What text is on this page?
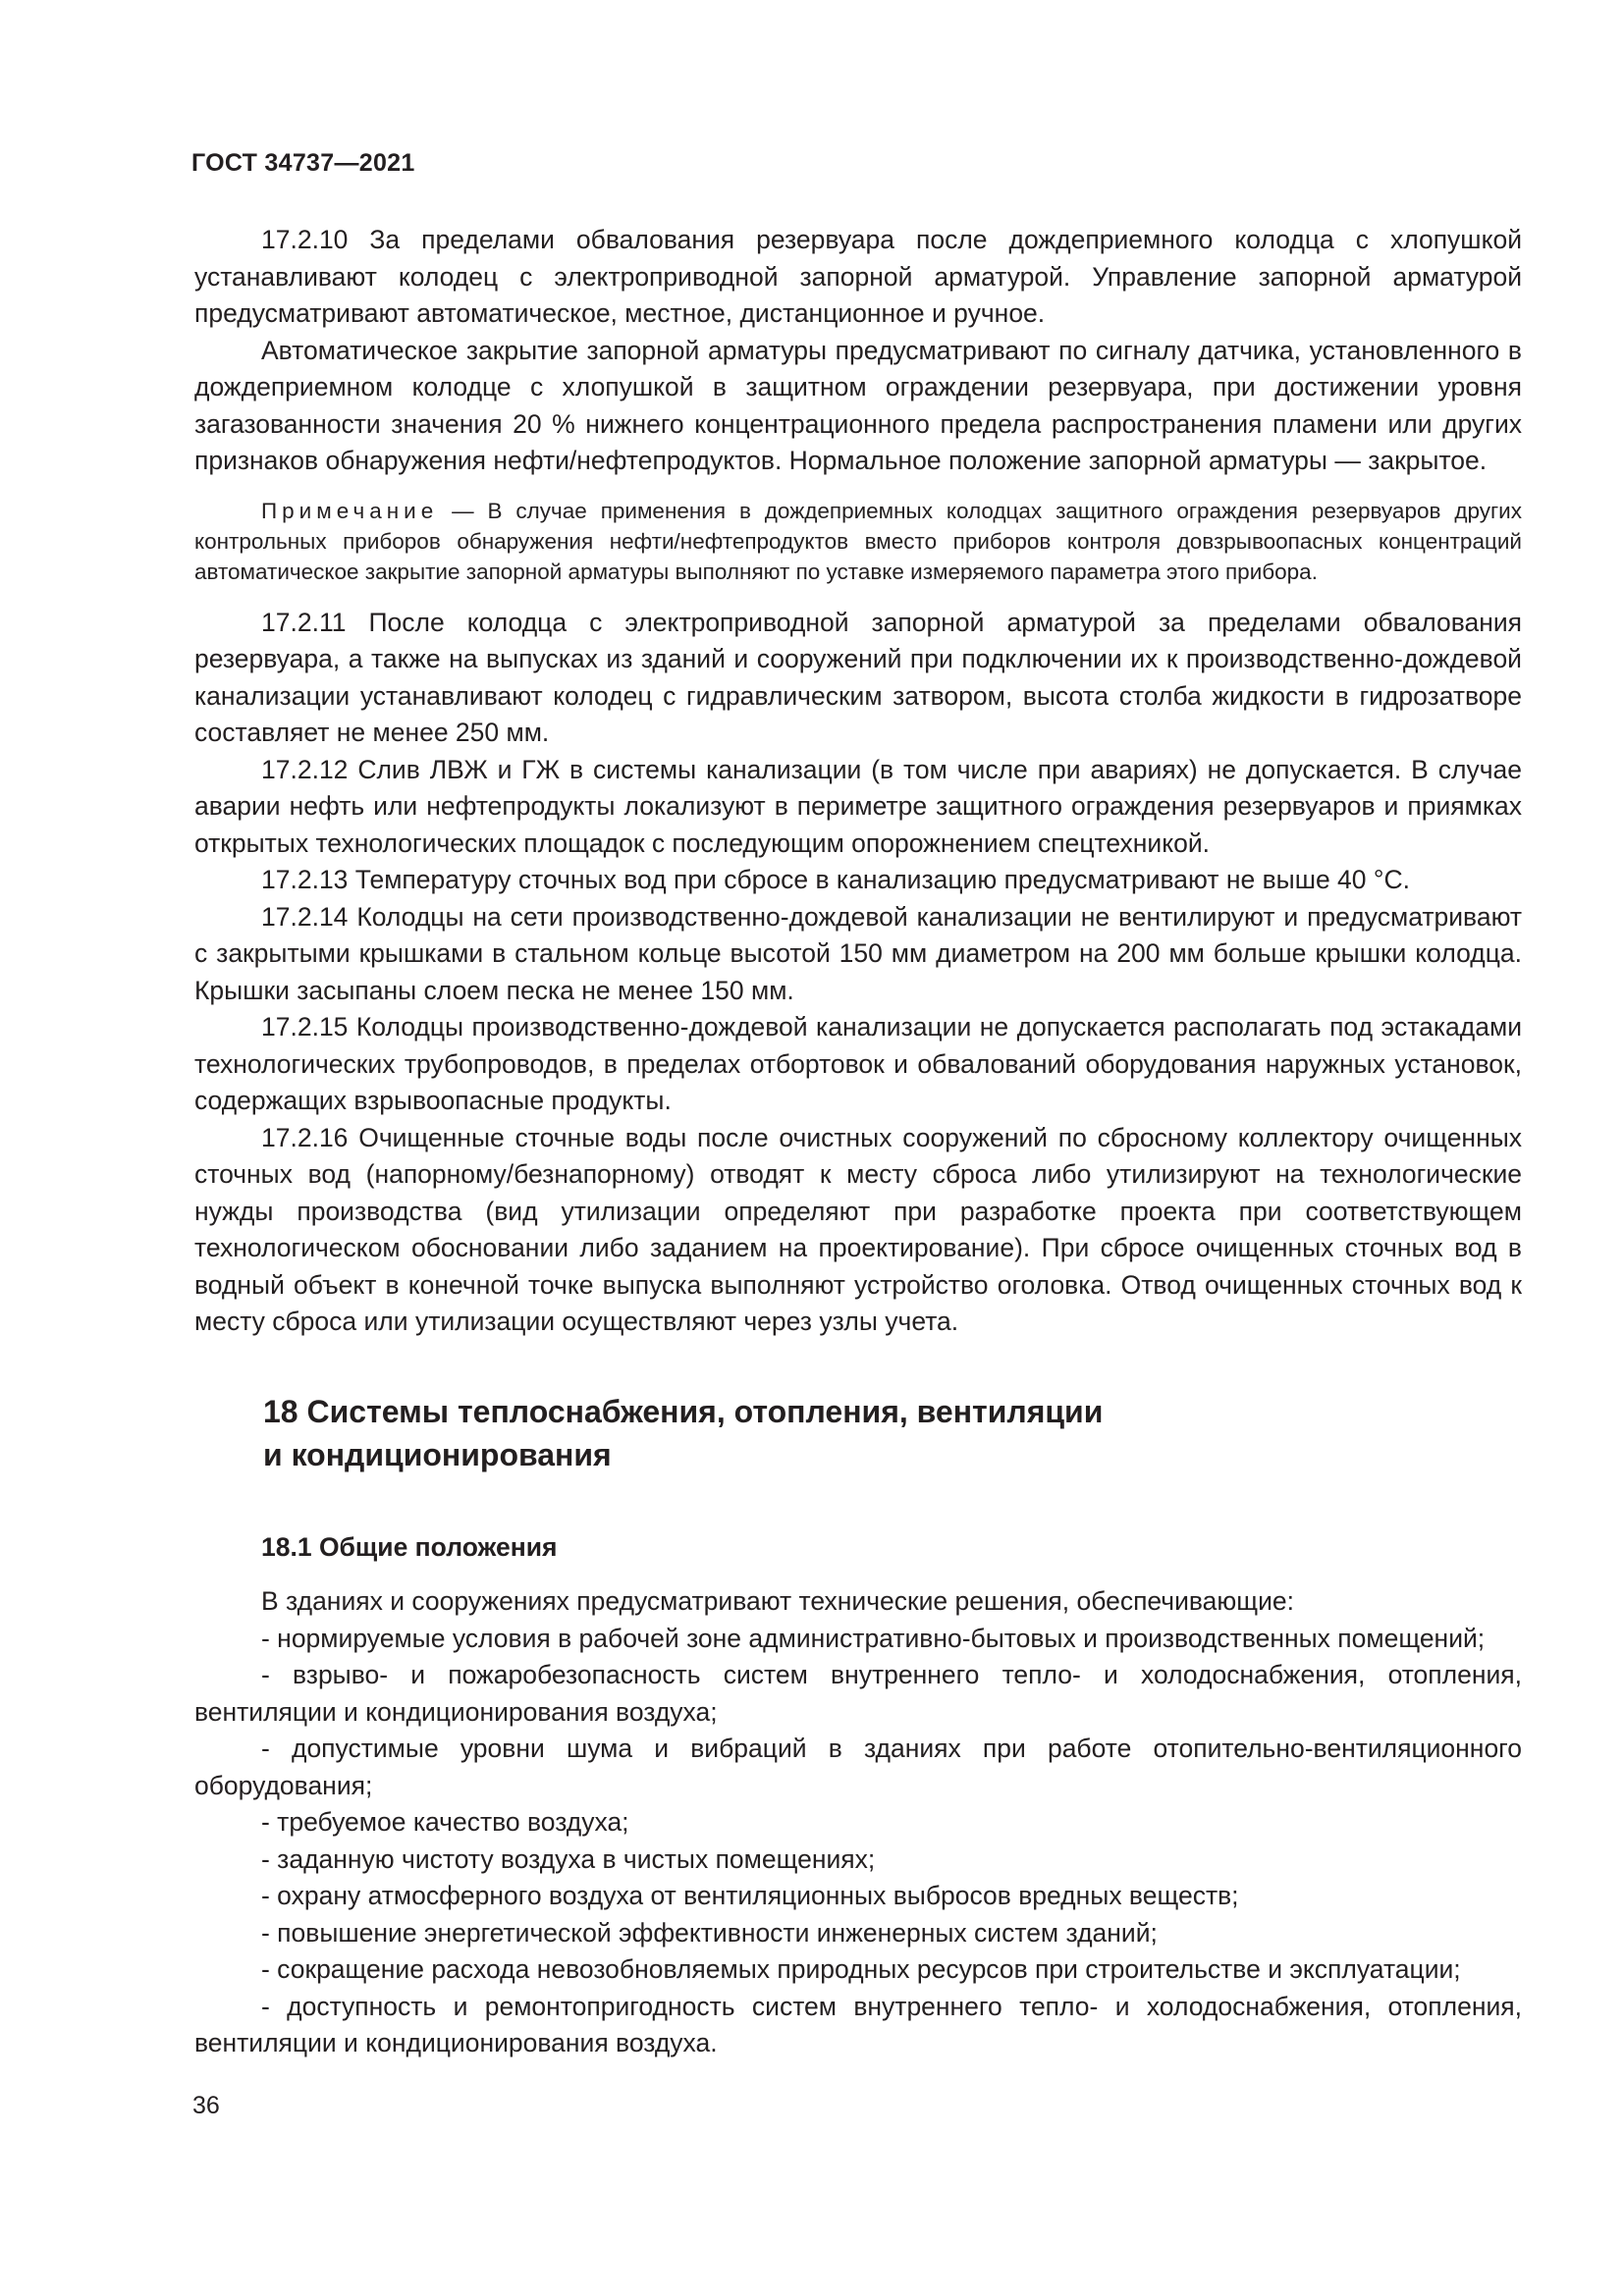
ГОСТ 34737—2021

17.2.10 За пределами обвалования резервуара после дождеприемного колодца с хлопушкой устанавливают колодец с электроприводной запорной арматурой. Управление запорной арматурой предусматривают автоматическое, местное, дистанционное и ручное.

Автоматическое закрытие запорной арматуры предусматривают по сигналу датчика, установленного в дождеприемном колодце с хлопушкой в защитном ограждении резервуара, при достижении уровня загазованности значения 20 % нижнего концентрационного предела распространения пламени или других признаков обнаружения нефти/нефтепродуктов. Нормальное положение запорной арматуры — закрытое.

Примечание — В случае применения в дождеприемных колодцах защитного ограждения резервуаров других контрольных приборов обнаружения нефти/нефтепродуктов вместо приборов контроля довзрывоопасных концентраций автоматическое закрытие запорной арматуры выполняют по уставке измеряемого параметра этого прибора.

17.2.11 После колодца с электроприводной запорной арматурой за пределами обвалования резервуара, а также на выпусках из зданий и сооружений при подключении их к производственно-дождевой канализации устанавливают колодец с гидравлическим затвором, высота столба жидкости в гидрозатворе составляет не менее 250 мм.

17.2.12 Слив ЛВЖ и ГЖ в системы канализации (в том числе при авариях) не допускается. В случае аварии нефть или нефтепродукты локализуют в периметре защитного ограждения резервуаров и приямках открытых технологических площадок с последующим опорожнением спецтехникой.

17.2.13 Температуру сточных вод при сбросе в канализацию предусматривают не выше 40 °С.

17.2.14 Колодцы на сети производственно-дождевой канализации не вентилируют и предусматривают с закрытыми крышками в стальном кольце высотой 150 мм диаметром на 200 мм больше крышки колодца. Крышки засыпаны слоем песка не менее 150 мм.

17.2.15 Колодцы производственно-дождевой канализации не допускается располагать под эстакадами технологических трубопроводов, в пределах отбортовок и обвалований оборудования наружных установок, содержащих взрывоопасные продукты.

17.2.16 Очищенные сточные воды после очистных сооружений по сбросному коллектору очищенных сточных вод (напорному/безнапорному) отводят к месту сброса либо утилизируют на технологические нужды производства (вид утилизации определяют при разработке проекта при соответствующем технологическом обосновании либо заданием на проектирование). При сбросе очищенных сточных вод в водный объект в конечной точке выпуска выполняют устройство оголовка. Отвод очищенных сточных вод к месту сброса или утилизации осуществляют через узлы учета.

18 Системы теплоснабжения, отопления, вентиляции
и кондиционирования
18.1 Общие положения

В зданиях и сооружениях предусматривают технические решения, обеспечивающие:

- нормируемые условия в рабочей зоне административно-бытовых и производственных помещений;

- взрыво- и пожаробезопасность систем внутреннего тепло- и холодоснабжения, отопления, вентиляции и кондиционирования воздуха;

- допустимые уровни шума и вибраций в зданиях при работе отопительно-вентиляционного оборудования;

- требуемое качество воздуха;

- заданную чистоту воздуха в чистых помещениях;

- охрану атмосферного воздуха от вентиляционных выбросов вредных веществ;

- повышение энергетической эффективности инженерных систем зданий;

- сокращение расхода невозобновляемых природных ресурсов при строительстве и эксплуатации;

- доступность и ремонтопригодность систем внутреннего тепло- и холодоснабжения, отопления, вентиляции и кондиционирования воздуха.

36
